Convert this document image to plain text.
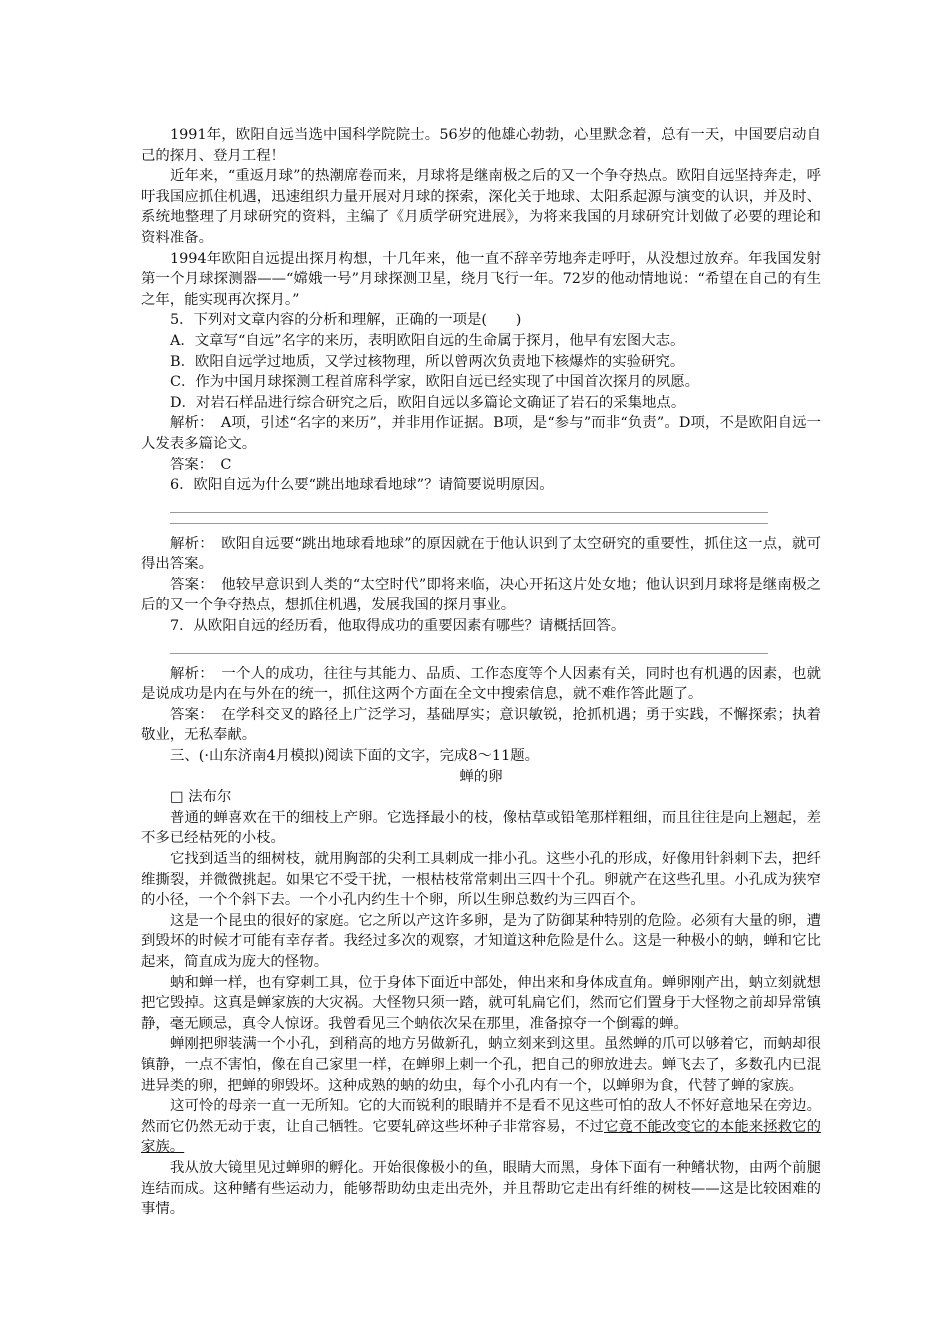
1991年，欧阳自远当选中国科学院院士。56岁的他雄心勃勃，心里默念着，总有一天，中国要启动自己的探月、登月工程！

近年来，“重返月球”的热潮席卷而来，月球将是继南极之后的又一个争夺热点。欧阳自远坚持奔走，呼吁我国应抓住机遇，迅速组织力量开展对月球的探索，深化关于地球、太阳系起源与演变的认识，并及时、系统地整理了月球研究的资料，主编了《月质学研究进展》，为将来我国的月球研究计划做了必要的理论和资料准备。

1994年欧阳自远提出探月构想，十几年来，他一直不辞辛劳地奔走呼吁，从没想过放弃。年我国发射第一个月球探测器——“嫦娥一号”月球探测卫星，绕月飞行一年。72岁的他动情地说：“希望在自己的有生之年，能实现再次探月。”

5．下列对文章内容的分析和理解，正确的一项是(　　)

A．文章写“自远”名字的来历，表明欧阳自远的生命属于探月，他早有宏图大志。

B．欧阳自远学过地质，又学过核物理，所以曾两次负责地下核爆炸的实验研究。

C．作为中国月球探测工程首席科学家，欧阳自远已经实现了中国首次探月的夙愿。

D．对岩石样品进行综合研究之后，欧阳自远以多篇论文确证了岩石的采集地点。

解析：　A项，引述“名字的来历”，并非用作证据。B项，是“参与”而非“负责”。D项，不是欧阳自远一人发表多篇论文。

答案：　C

6．欧阳自远为什么要“跳出地球看地球”？请简要说明原因。

解析：　欧阳自远要“跳出地球看地球”的原因就在于他认识到了太空研究的重要性，抓住这一点，就可得出答案。

答案：　他较早意识到人类的“太空时代”即将来临，决心开拓这片处女地；他认识到月球将是继南极之后的又一个争夺热点，想抓住机遇，发展我国的探月事业。

7．从欧阳自远的经历看，他取得成功的重要因素有哪些？请概括回答。

解析：　一个人的成功，往往与其能力、品质、工作态度等个人因素有关，同时也有机遇的因素，也就是说成功是内在与外在的统一，抓住这两个方面在全文中搜索信息，就不难作答此题了。

答案：　在学科交叉的路径上广泛学习，基础厚实；意识敏锐，抢抓机遇；勇于实践，不懈探索；执着敬业，无私奉献。

三、(·山东济南4月模拟)阅读下面的文字，完成8～11题。

蝉的卵

□ 法布尔

普通的蝉喜欢在干的细枝上产卵。它选择最小的枝，像枯草或铅笔那样粗细，而且往往是向上翘起，差不多已经枯死的小枝。

它找到适当的细树枝，就用胸部的尖利工具刺成一排小孔。这些小孔的形成，好像用针斜刺下去，把纤维撕裂，并微微挑起。如果它不受干扰，一根枯枝常常刺出三四十个孔。卵就产在这些孔里。小孔成为狭窄的小径，一个个斜下去。一个小孔内约生十个卵，所以生卵总数约为三四百个。

这是一个昆虫的很好的家庭。它之所以产这许多卵，是为了防御某种特别的危险。必须有大量的卵，遭到毁坏的时候才可能有幸存者。我经过多次的观察，才知道这种危险是什么。这是一种极小的蚋，蝉和它比起来，简直成为庞大的怪物。

蚋和蝉一样，也有穿刺工具，位于身体下面近中部处，伸出来和身体成直角。蝉卵刚产出，蚋立刻就想把它毁掉。这真是蝉家族的大灾祸。大怪物只须一踏，就可轧扁它们，然而它们置身于大怪物之前却异常镇静，毫无顾忌，真令人惊讶。我曾看见三个蚋依次呆在那里，准备掠夺一个倒霉的蝉。

蝉刚把卵装满一个小孔，到稍高的地方另做新孔，蚋立刻来到这里。虽然蝉的爪可以够着它，而蚋却很镇静，一点不害怕，像在自己家里一样，在蝉卵上刺一个孔，把自己的卵放进去。蝉飞去了，多数孔内已混进异类的卵，把蝉的卵毁坏。这种成熟的蚋的幼虫，每个小孔内有一个，以蝉卵为食，代替了蝉的家族。

这可怜的母亲一直一无所知。它的大而锐利的眼睛并不是看不见这些可怕的敌人不怀好意地呆在旁边。然而它仍然无动于衷，让自己牺牲。它要轧碎这些坏种子非常容易，不过它竟不能改变它的本能来拯救它的家族。

我从放大镜里见过蝉卵的孵化。开始很像极小的鱼，眼睛大而黑，身体下面有一种鳍状物，由两个前腿连结而成。这种鳍有些运动力，能够帮助幼虫走出壳外，并且帮助它走出有纤维的树枝——这是比较困难的事情。
